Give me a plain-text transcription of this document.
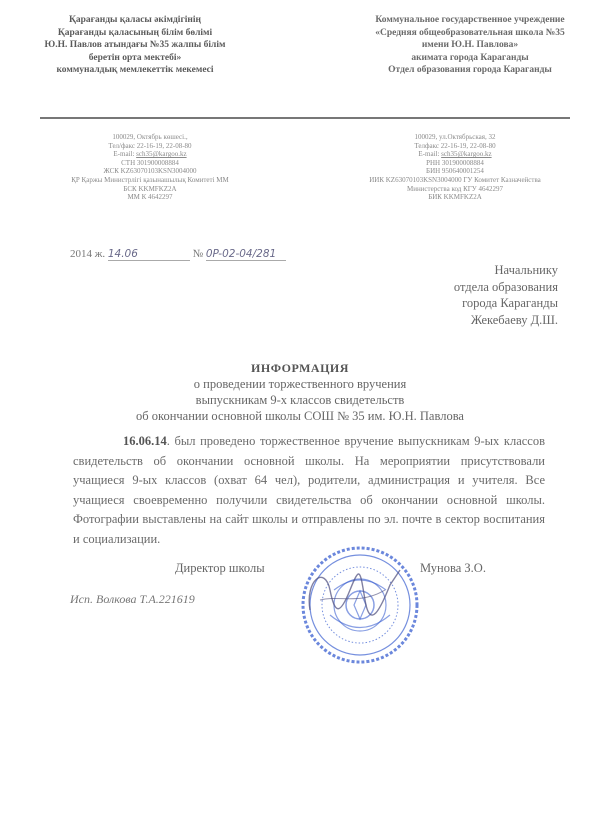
Қарағанды қаласы әкімдігінің
Қарағанды қаласының білім бөлімі
Ю.Н. Павлов атындағы №35 жалпы білім
беретін орта мектебі»
коммуналдық мемлекеттік мекемесі
Коммунальное государственное учреждение
«Средняя общеобразовательная школа №35
имени Ю.Н. Павлова»
акимата города Караганды
Отдел образования города Караганды
100029, Октябрь көшесі.,
Тел/факс 22-16-19, 22-08-80
E-mail: sch35@kargoo.kz
СТН 301900008884
ЖСК KZ63070103KSN3004000
ҚР Қаржы Министрлігі қазынашылық Комитеті ММ
БСК KKMFKZ2A
ММ К 4642297
100029, ул.Октябрьская, 32
Телфакс 22-16-19, 22-08-80
E-mail: sch35@kargoo.kz
РНН 301900008884
БИН 950640001254
ИИК KZ63070103KSN3004000 ГУ Комитет Казначейства
Министерства код КГУ 4642297
БИК KKMFKZ2A
2014 ж. 14.06	№ 0P-02-04/281
Начальнику
отдела образования
города Караганды
Жекебаеву Д.Ш.
ИНФОРМАЦИЯ
о проведении торжественного вручения
выпускникам 9-х классов свидетельств
об окончании основной школы СОШ № 35 им. Ю.Н. Павлова
16.06.14. был проведено торжественное вручение выпускникам 9-ых классов свидетельств об окончании основной школы. На мероприятии присутствовали учащиеся 9-ых классов (охват 64 чел), родители, администрация и учителя. Все учащиеся своевременно получили свидетельства об окончании основной школы. Фотографии выставлены на сайт школы и отправлены по эл. почте в сектор воспитания и социализации.
Директор школы	Мунова З.О.
Исп. Волкова Т.А.221619
